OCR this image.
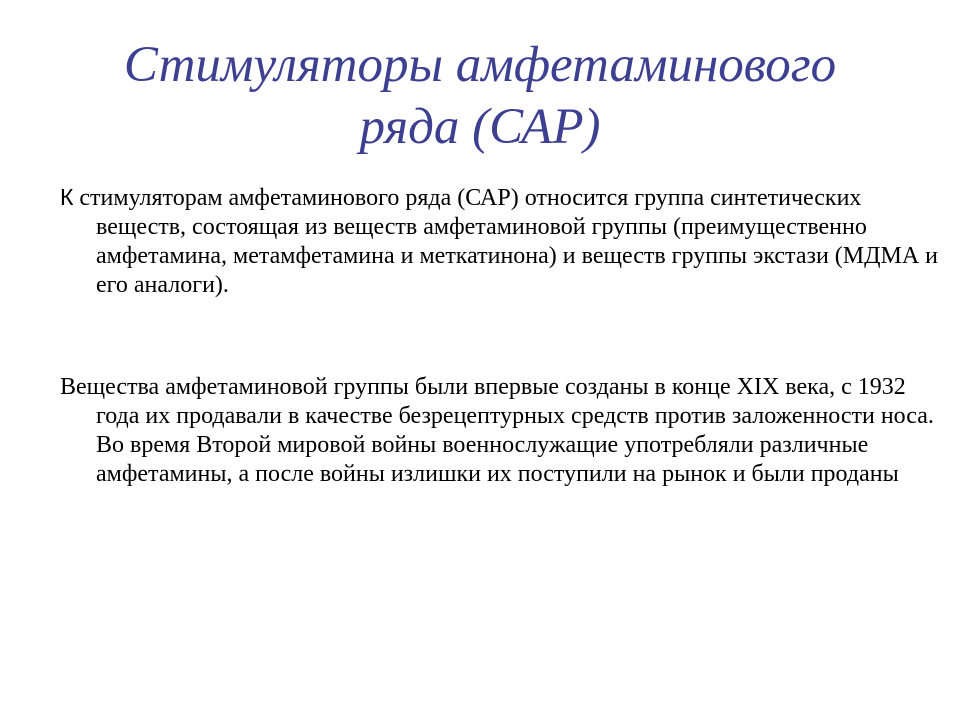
Стимуляторы амфетаминового
ряда (САР)

К стимуляторам амфетаминового ряда (САР) относится группа синтетических веществ, состоящая из веществ амфетаминовой группы (преимущественно амфетамина, метамфетамина и меткатинона) и веществ группы экстази (МДМА и его аналоги).

Вещества амфетаминовой группы были впервые созданы в конце XIX века, с 1932 года их продавали в качестве безрецептурных средств против заложенности носа. Во время Второй мировой войны военнослужащие употребляли различные амфетамины, а после войны излишки их поступили на рынок и были проданы
